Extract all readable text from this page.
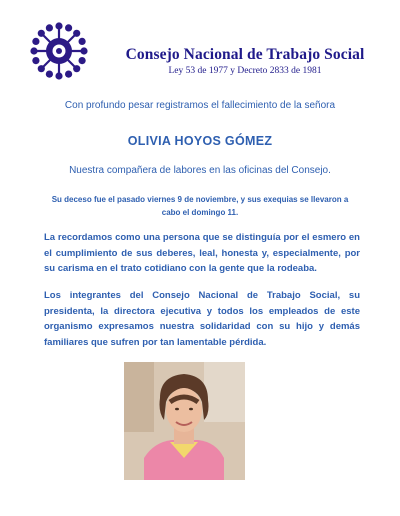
Consejo Nacional de Trabajo Social
Ley 53 de 1977 y Decreto 2833 de 1981
Con profundo pesar registramos el fallecimiento de la señora
OLIVIA HOYOS GÓMEZ
Nuestra compañera de labores en las oficinas del Consejo.
Su deceso fue el pasado viernes 9 de noviembre, y sus exequias se llevaron a cabo el domingo 11.
La recordamos como una persona que se distinguía por el esmero en el cumplimiento de sus deberes, leal, honesta y, especialmente, por su carisma en el trato cotidiano con la gente que la rodeaba.
Los integrantes del Consejo Nacional de Trabajo Social, su presidenta, la directora ejecutiva y todos los empleados de este organismo expresamos nuestra solidaridad con su hijo y demás familiares que sufren por tan lamentable pérdida.
